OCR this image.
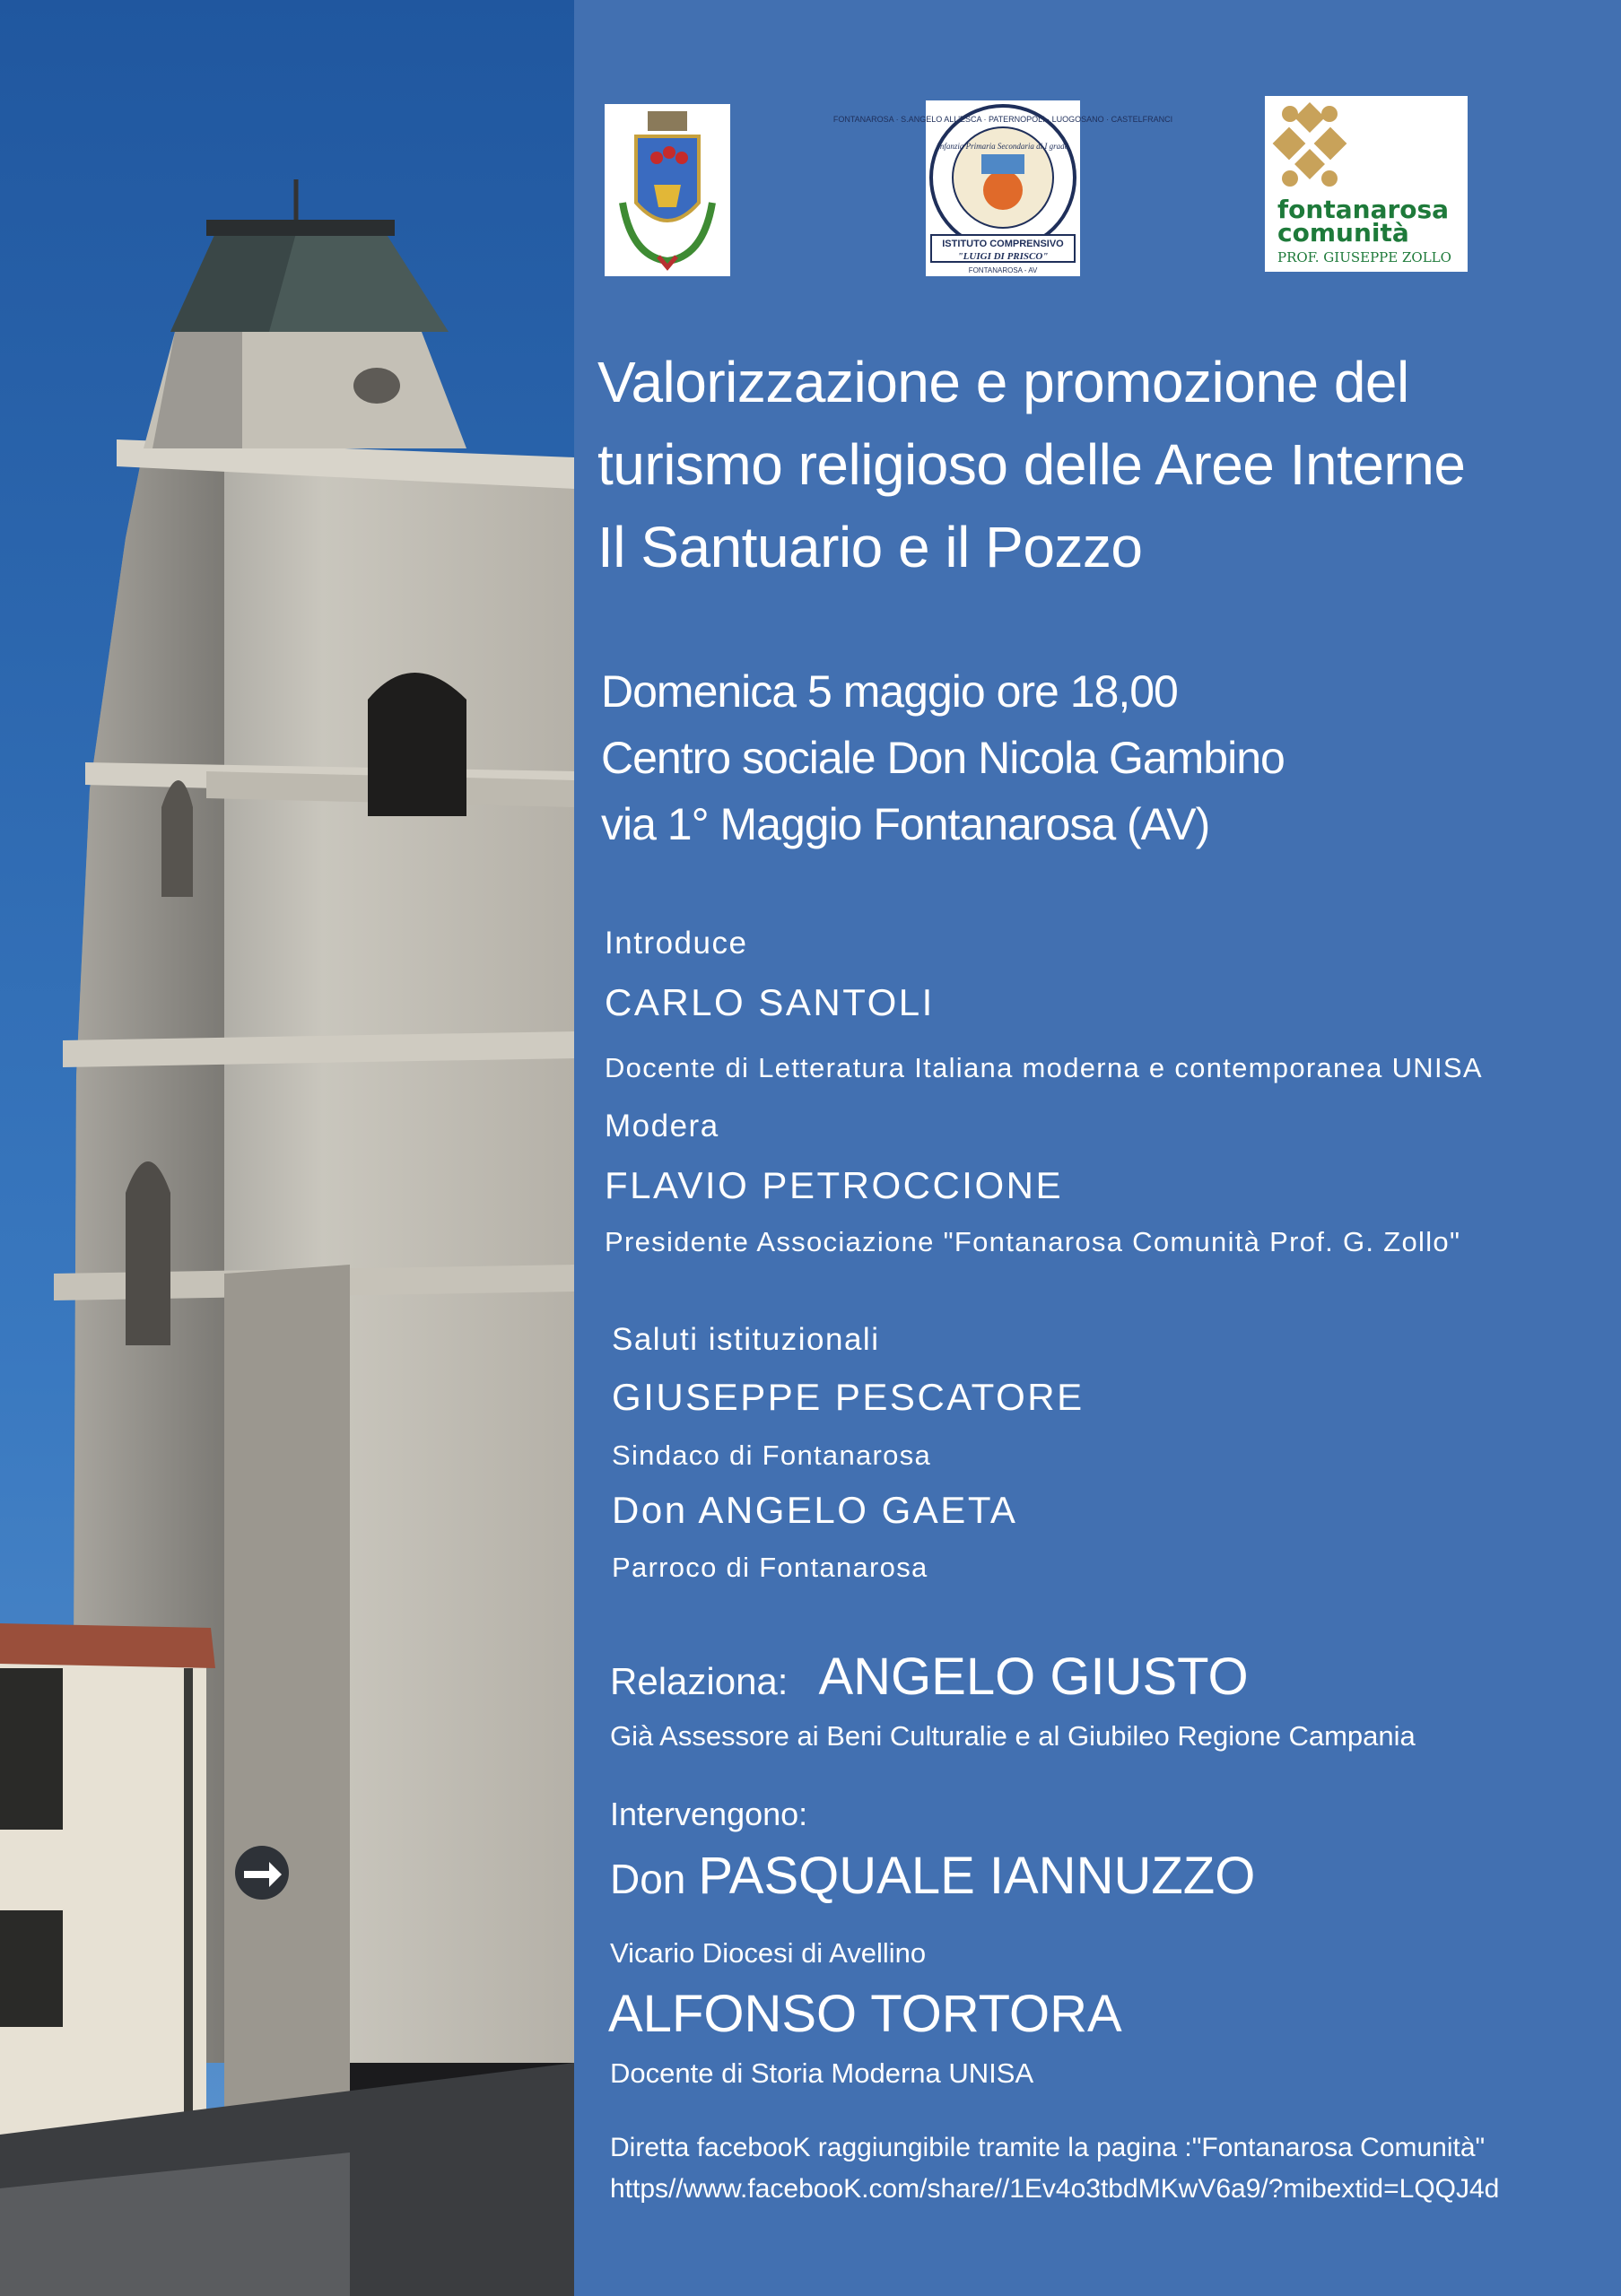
FONTANAROSA · S.ANGELO ALL'ESCA · PATERNOPOLI · LUOGOSANO · CASTELFRANCI
Infanzia Primaria Secondaria di I grado
ISTITUTO COMPRENSIVO
"LUIGI DI PRISCO"
FONTANAROSA - AV
fontanarosa
comunità
PROF. GIUSEPPE ZOLLO
Valorizzazione e promozione del
turismo religioso delle Aree Interne
Il Santuario e il Pozzo
Domenica 5 maggio ore 18,00
Centro sociale Don Nicola Gambino
via 1° Maggio Fontanarosa (AV)
Introduce
CARLO SANTOLI
Docente di Letteratura Italiana moderna e contemporanea UNISA
Modera
FLAVIO PETROCCIONE
Presidente Associazione "Fontanarosa Comunità Prof. G. Zollo"
Saluti istituzionali
GIUSEPPE PESCATORE
Sindaco di Fontanarosa
Don ANGELO GAETA
Parroco di Fontanarosa
Relaziona: ANGELO GIUSTO
Già Assessore ai Beni Culturalie e al Giubileo Regione Campania
Intervengono:
Don PASQUALE IANNUZZO
Vicario Diocesi di Avellino
ALFONSO TORTORA
Docente di Storia Moderna UNISA
Diretta facebooK raggiungibile tramite la pagina :"Fontanarosa Comunità"
https//www.facebooK.com/share//1Ev4o3tbdMKwV6a9/?mibextid=LQQJ4d
